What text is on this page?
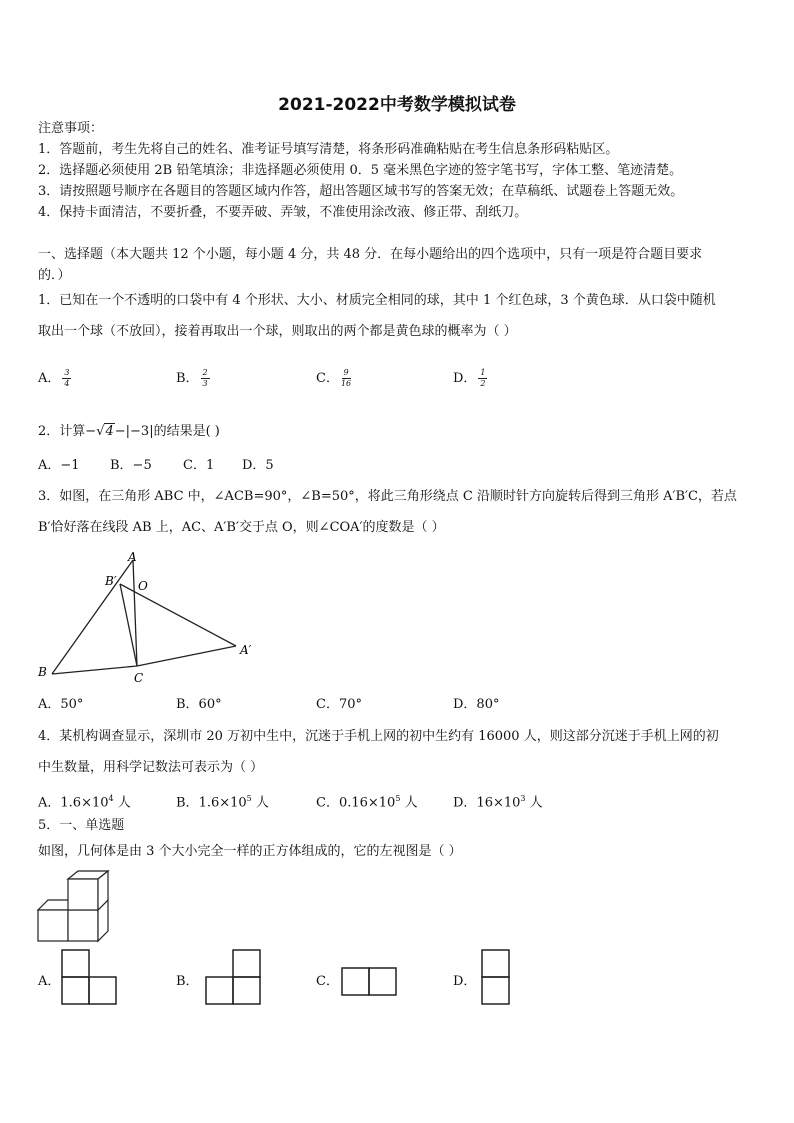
2021-2022中考数学模拟试卷
注意事项：
1．答题前，考生先将自己的姓名、准考证号填写清楚，将条形码准确粘贴在考生信息条形码粘贴区。
2．选择题必须使用 2B 铅笔填涂；非选择题必须使用 0．5 毫米黑色字迹的签字笔书写，字体工整、笔迹清楚。
3．请按照题号顺序在各题目的答题区域内作答，超出答题区域书写的答案无效；在草稿纸、试题卷上答题无效。
4．保持卡面清洁，不要折叠，不要弄破、弄皱，不准使用涂改液、修正带、刮纸刀。
一、选择题（本大题共 12 个小题，每小题 4 分，共 48 分．在每小题给出的四个选项中，只有一项是符合题目要求
的．）
1．已知在一个不透明的口袋中有 4 个形状、大小、材质完全相同的球，其中 1 个红色球，3 个黄色球．从口袋中随机
取出一个球（不放回），接着再取出一个球，则取出的两个都是黄色球的概率为（ ）
A． $\frac{3}{4}$	B． $\frac{2}{3}$	C． $\frac{9}{16}$	D． $\frac{1}{2}$
2．计算−√4−|−3|的结果是( )
A．−1 B．−5 C．1 D．5
3．如图，在三角形 ABC 中，∠ACB=90°，∠B=50°，将此三角形绕点 C 沿顺时针方向旋转后得到三角形 A′B′C，若点
B′恰好落在线段 AB 上，AC、A′B′交于点 O，则∠COA′的度数是（ ）
A
B′ O
A′
B	C
A．50°	B．60°	C．70°	D．80°
4．某机构调查显示，深圳市 20 万初中生中，沉迷于手机上网的初中生约有 16000 人，则这部分沉迷于手机上网的初
中生数量，用科学记数法可表示为（ ）
A．$1.6\times 10^4$ 人	B．$1.6\times 10^5$ 人	C．$0.16\times 10^5$ 人	D．$16\times 10^3$ 人
5．一、单选题
如图，几何体是由 3 个大小完全一样的正方体组成的，它的左视图是（ ）
A．	B．	C．	D．
